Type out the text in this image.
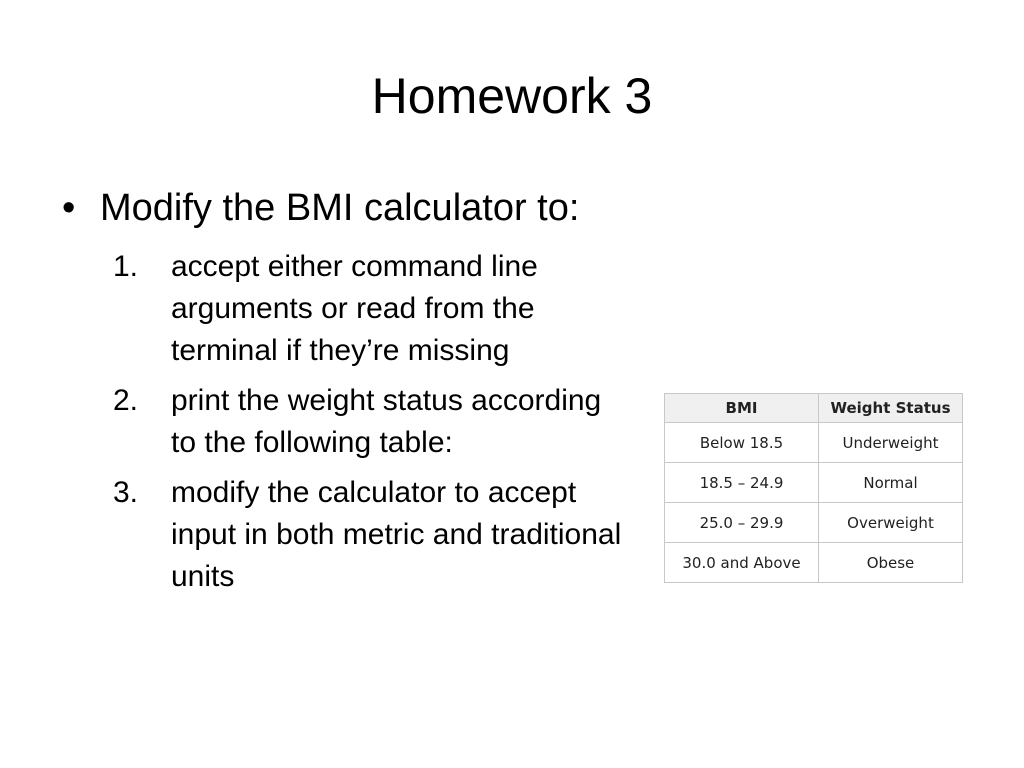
Homework 3
• Modify the BMI calculator to:
1.	accept either command line arguments or read from the terminal if they’re missing
2.	print the weight status according to the following table:
3.	modify the calculator to accept input in both metric and traditional units
BMI	Weight Status
Below 18.5	Underweight
18.5 – 24.9	Normal
25.0 – 29.9	Overweight
30.0 and Above	Obese
